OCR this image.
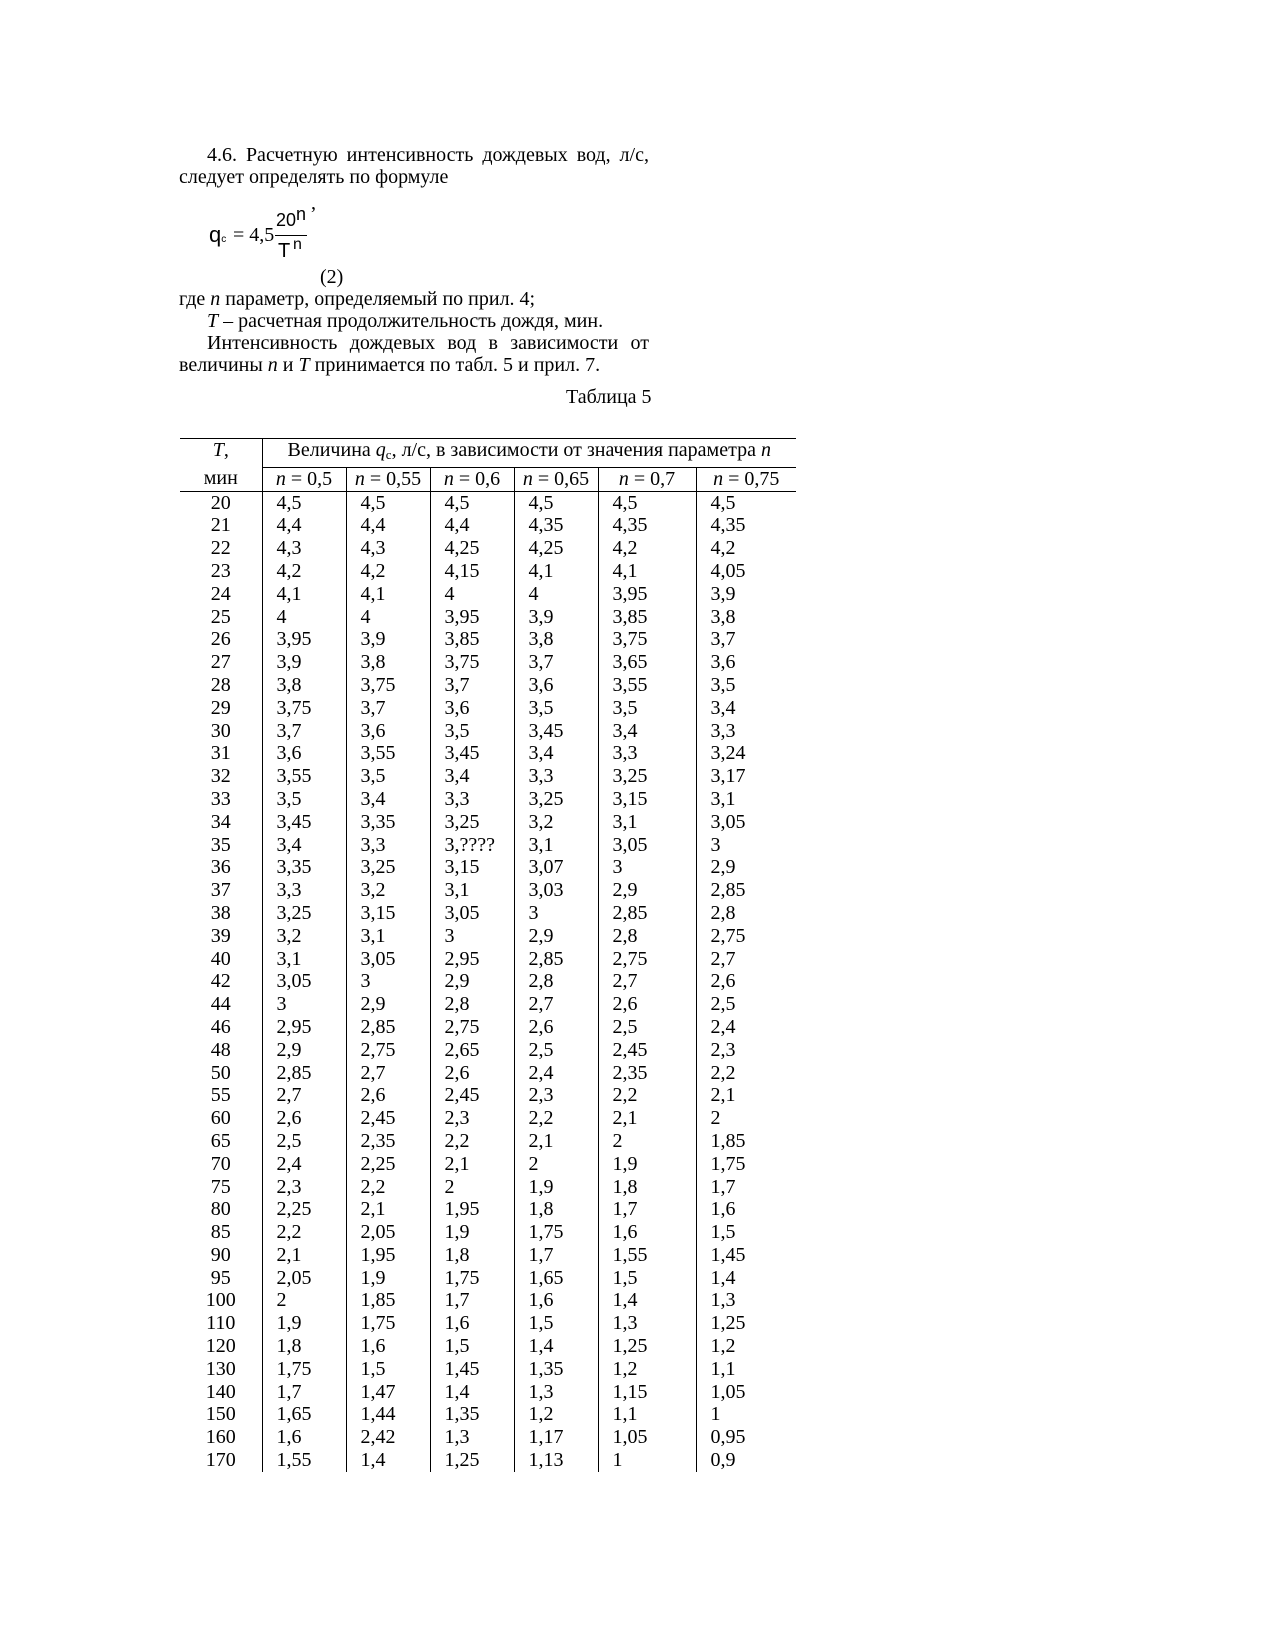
4.6. Расчетную интенсивность дождевых вод, л/с,
следует определять по формуле
,
qc = 4,5
20 n
T n
(2)
где n параметр, определяемый по прил. 4;
T – расчетная продолжительность дождя, мин.
Интенсивность дождевых вод в зависимости от
величины n и T принимается по табл. 5 и прил. 7.
Таблица 5
T,	Величина $q_c$, л/с, в зависимости от значения параметра n					
мин	n = 0,5	n = 0,55	n = 0,6	n = 0,65	n = 0,7	n = 0,75
20	4,5	4,5	4,5	4,5	4,5	4,5
21	4,4	4,4	4,4	4,35	4,35	4,35
22	4,3	4,3	4,25	4,25	4,2	4,2
23	4,2	4,2	4,15	4,1	4,1	4,05
24	4,1	4,1	4	4	3,95	3,9
25	4	4	3,95	3,9	3,85	3,8
26	3,95	3,9	3,85	3,8	3,75	3,7
27	3,9	3,8	3,75	3,7	3,65	3,6
28	3,8	3,75	3,7	3,6	3,55	3,5
29	3,75	3,7	3,6	3,5	3,5	3,4
30	3,7	3,6	3,5	3,45	3,4	3,3
31	3,6	3,55	3,45	3,4	3,3	3,24
32	3,55	3,5	3,4	3,3	3,25	3,17
33	3,5	3,4	3,3	3,25	3,15	3,1
34	3,45	3,35	3,25	3,2	3,1	3,05
35	3,4	3,3	3,????	3,1	3,05	3
36	3,35	3,25	3,15	3,07	3	2,9
37	3,3	3,2	3,1	3,03	2,9	2,85
38	3,25	3,15	3,05	3	2,85	2,8
39	3,2	3,1	3	2,9	2,8	2,75
40	3,1	3,05	2,95	2,85	2,75	2,7
42	3,05	3	2,9	2,8	2,7	2,6
44	3	2,9	2,8	2,7	2,6	2,5
46	2,95	2,85	2,75	2,6	2,5	2,4
48	2,9	2,75	2,65	2,5	2,45	2,3
50	2,85	2,7	2,6	2,4	2,35	2,2
55	2,7	2,6	2,45	2,3	2,2	2,1
60	2,6	2,45	2,3	2,2	2,1	2
65	2,5	2,35	2,2	2,1	2	1,85
70	2,4	2,25	2,1	2	1,9	1,75
75	2,3	2,2	2	1,9	1,8	1,7
80	2,25	2,1	1,95	1,8	1,7	1,6
85	2,2	2,05	1,9	1,75	1,6	1,5
90	2,1	1,95	1,8	1,7	1,55	1,45
95	2,05	1,9	1,75	1,65	1,5	1,4
100	2	1,85	1,7	1,6	1,4	1,3
110	1,9	1,75	1,6	1,5	1,3	1,25
120	1,8	1,6	1,5	1,4	1,25	1,2
130	1,75	1,5	1,45	1,35	1,2	1,1
140	1,7	1,47	1,4	1,3	1,15	1,05
150	1,65	1,44	1,35	1,2	1,1	1
160	1,6	2,42	1,3	1,17	1,05	0,95
170	1,55	1,4	1,25	1,13	1	0,9
